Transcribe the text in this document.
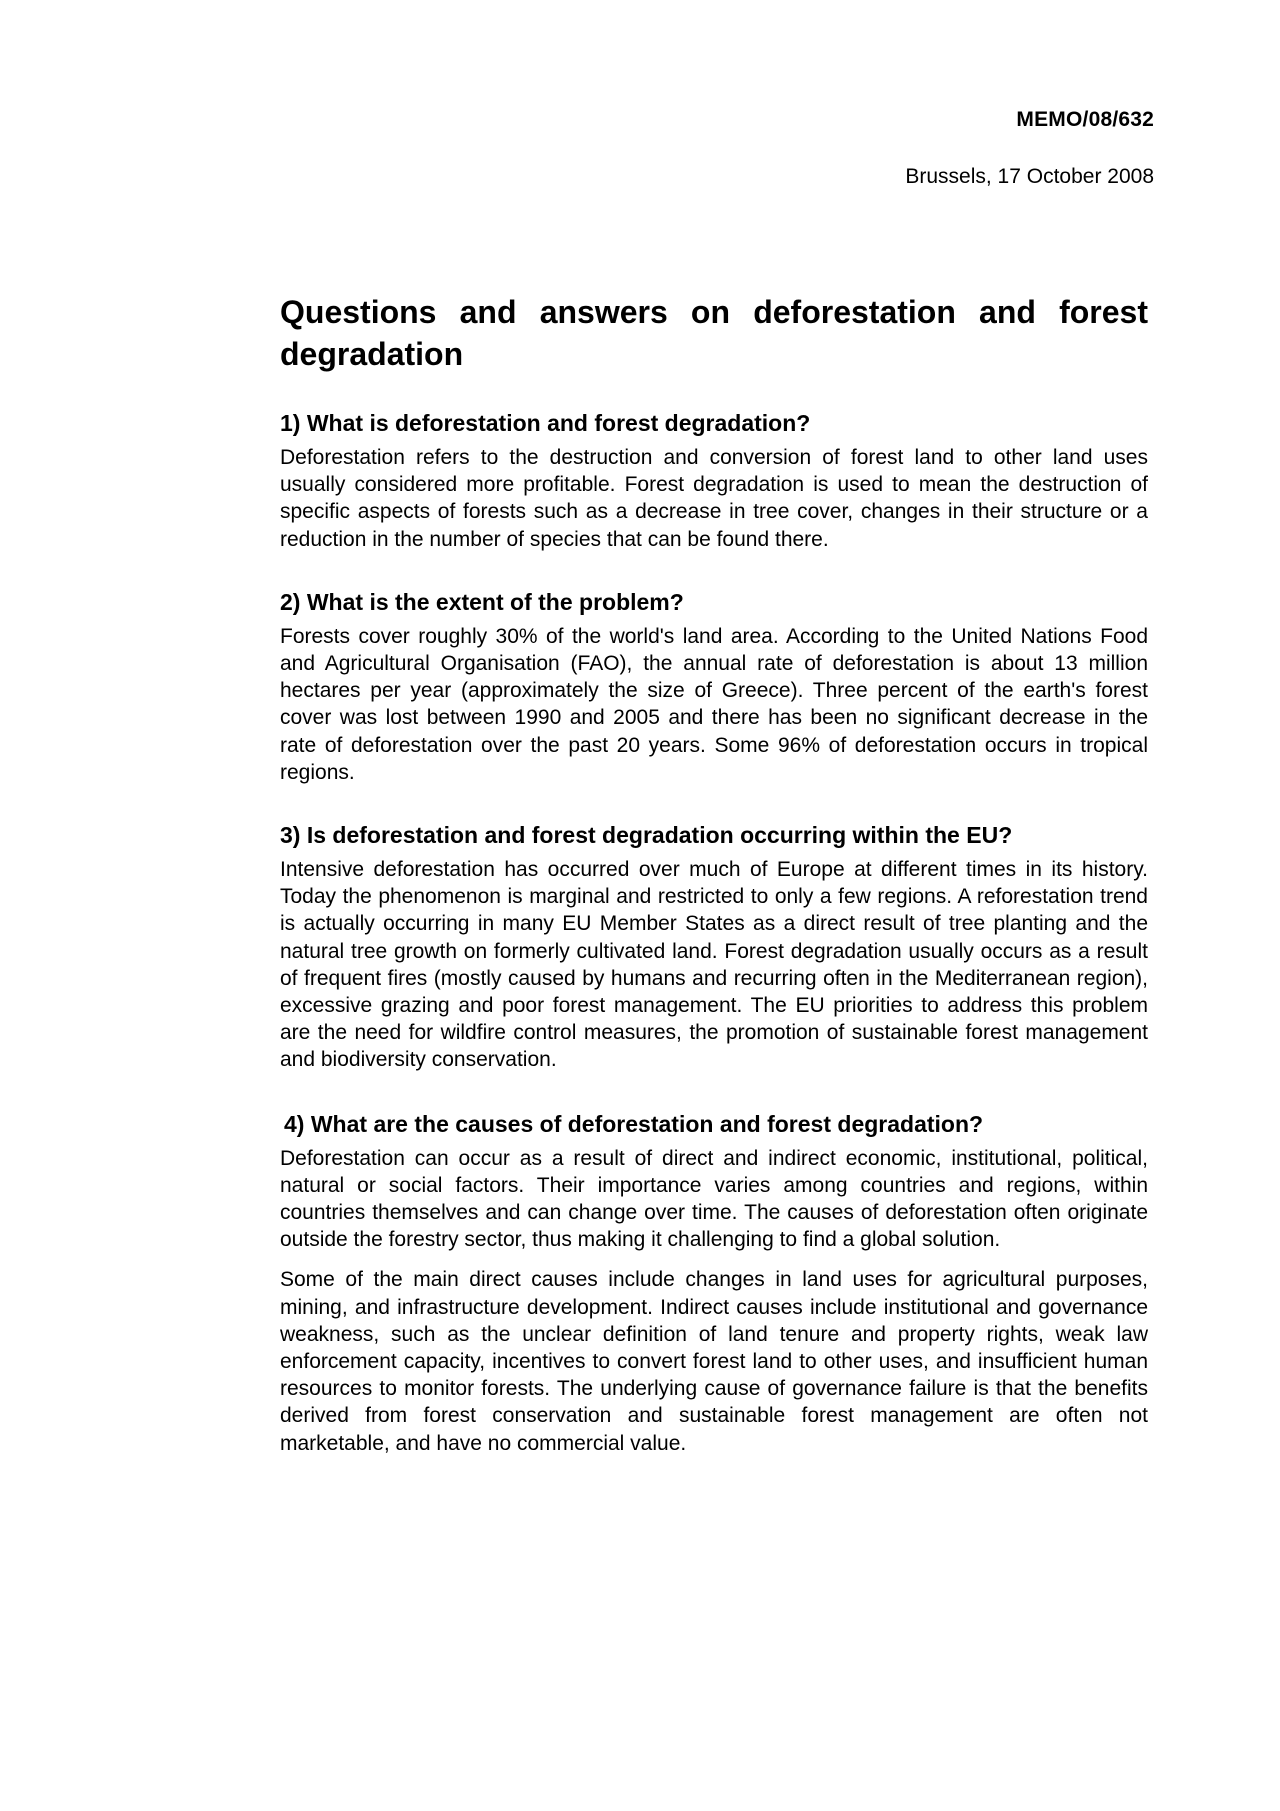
MEMO/08/632
Brussels, 17 October 2008
Questions and answers on deforestation and forest degradation
1) What is deforestation and forest degradation?

Deforestation refers to the destruction and conversion of forest land to other land uses usually considered more profitable. Forest degradation is used to mean the destruction of specific aspects of forests such as a decrease in tree cover, changes in their structure or a reduction in the number of species that can be found there.

2) What is the extent of the problem?

Forests cover roughly 30% of the world's land area. According to the United Nations Food and Agricultural Organisation (FAO), the annual rate of deforestation is about 13 million hectares per year (approximately the size of Greece). Three percent of the earth's forest cover was lost between 1990 and 2005 and there has been no significant decrease in the rate of deforestation over the past 20 years. Some 96% of deforestation occurs in tropical regions.

3) Is deforestation and forest degradation occurring within the EU?

Intensive deforestation has occurred over much of Europe at different times in its history. Today the phenomenon is marginal and restricted to only a few regions. A reforestation trend is actually occurring in many EU Member States as a direct result of tree planting and the natural tree growth on formerly cultivated land. Forest degradation usually occurs as a result of frequent fires (mostly caused by humans and recurring often in the Mediterranean region), excessive grazing and poor forest management. The EU priorities to address this problem are the need for wildfire control measures, the promotion of sustainable forest management and biodiversity conservation.

4) What are the causes of deforestation and forest degradation?

Deforestation can occur as a result of direct and indirect economic, institutional, political, natural or social factors. Their importance varies among countries and regions, within countries themselves and can change over time. The causes of deforestation often originate outside the forestry sector, thus making it challenging to find a global solution.

Some of the main direct causes include changes in land uses for agricultural purposes, mining, and infrastructure development. Indirect causes include institutional and governance weakness, such as the unclear definition of land tenure and property rights, weak law enforcement capacity, incentives to convert forest land to other uses, and insufficient human resources to monitor forests. The underlying cause of governance failure is that the benefits derived from forest conservation and sustainable forest management are often not marketable, and have no commercial value.
